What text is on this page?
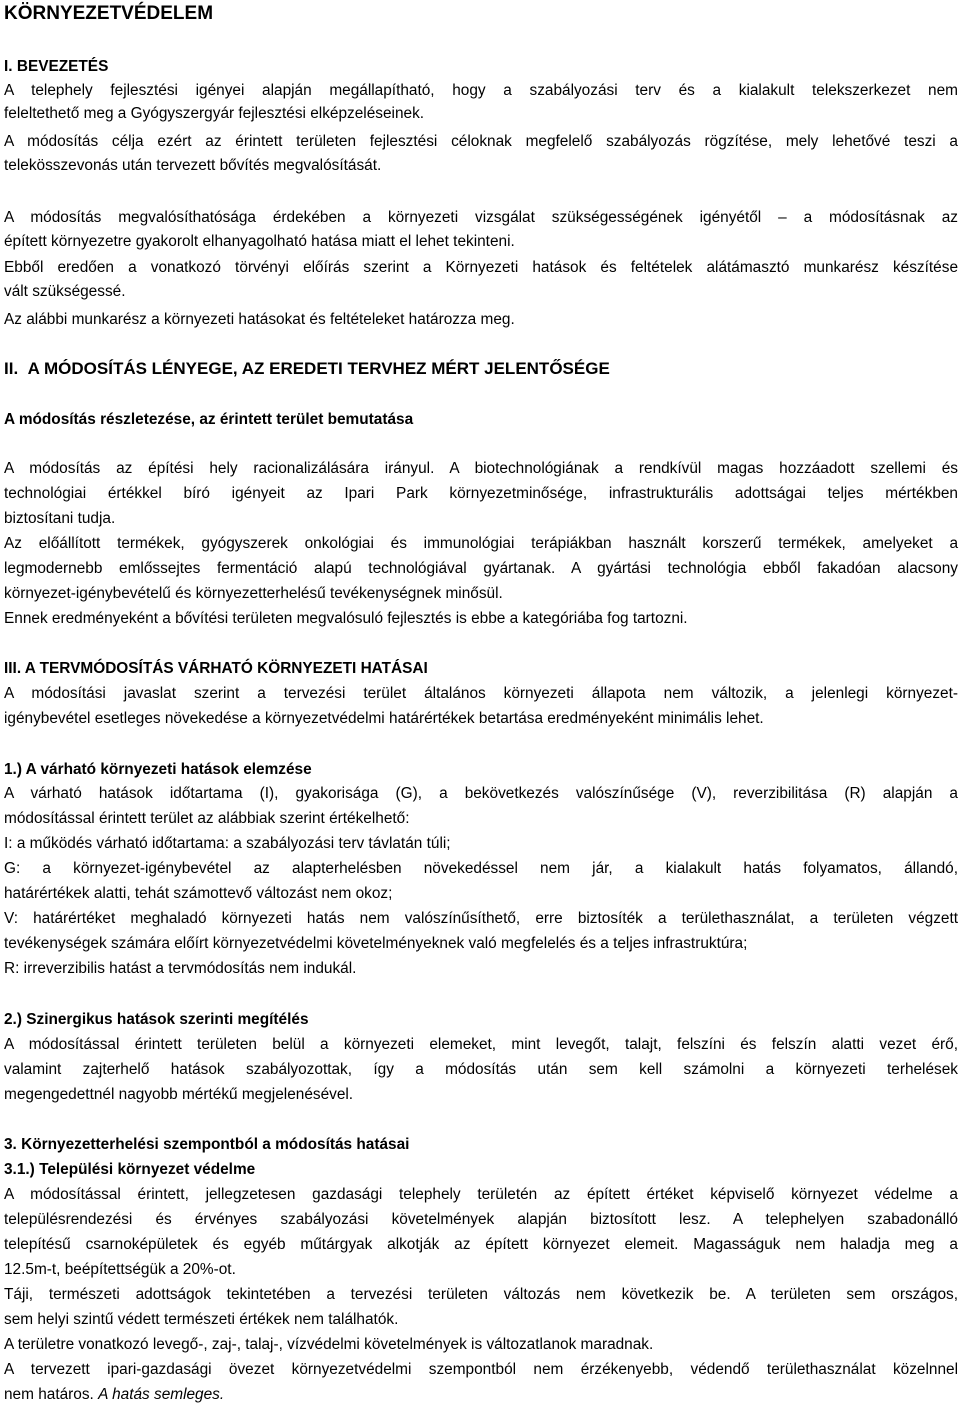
KÖRNYEZETVÉDELEM
I. BEVEZETÉS
A telephely fejlesztési igényei alapján megállapítható, hogy a szabályozási terv és a kialakult telekszerkezet nem
feleltethető meg a Gyógyszergyár fejlesztési elképzeléseinek.
A módosítás célja ezért az érintett területen fejlesztési céloknak megfelelő szabályozás rögzítése, mely lehetővé teszi a
telekösszevonás után tervezett bővítés megvalósítását.
A módosítás megvalósíthatósága érdekében a környezeti vizsgálat szükségességének igényétől – a módosításnak az
épített környezetre gyakorolt elhanyagolható hatása miatt el lehet tekinteni.
Ebből eredően a vonatkozó törvényi előírás szerint a Környezeti hatások és feltételek alátámasztó munkarész készítése
vált szükségessé.
Az alábbi munkarész a környezeti hatásokat és feltételeket határozza meg.
II. A MÓDOSÍTÁS LÉNYEGE, AZ EREDETI TERVHEZ MÉRT JELENTŐSÉGE
A módosítás részletezése, az érintett terület bemutatása
A módosítás az építési hely racionalizálására irányul. A biotechnológiának a rendkívül magas hozzáadott szellemi és
technológiai értékkel bíró igényeit az Ipari Park környezetminősége, infrastrukturális adottságai teljes mértékben
biztosítani tudja.
Az előállított termékek, gyógyszerek onkológiai és immunológiai terápiákban használt korszerű termékek, amelyeket a
legmodernebb emlőssejtes fermentáció alapú technológiával gyártanak. A gyártási technológia ebből fakadóan alacsony
környezet-igénybevételű és környezetterhelésű tevékenységnek minősül.
Ennek eredményeként a bővítési területen megvalósuló fejlesztés is ebbe a kategóriába fog tartozni.
III. A TERVMÓDOSÍTÁS VÁRHATÓ KÖRNYEZETI HATÁSAI
A módosítási javaslat szerint a tervezési terület általános környezeti állapota nem változik, a jelenlegi környezet-
igénybevétel esetleges növekedése a környezetvédelmi határértékek betartása eredményeként minimális lehet.
1.) A várható környezeti hatások elemzése
A várható hatások időtartama (I), gyakorisága (G), a bekövetkezés valószínűsége (V), reverzibilitása (R) alapján a
módosítással érintett terület az alábbiak szerint értékelhető:
I: a működés várható időtartama: a szabályozási terv távlatán túli;
G: a környezet-igénybevétel az alapterhelésben növekedéssel nem jár, a kialakult hatás folyamatos, állandó,
határértékek alatti, tehát számottevő változást nem okoz;
V: határértéket meghaladó környezeti hatás nem valószínűsíthető, erre biztosíték a területhasználat, a területen végzett
tevékenységek számára előírt környezetvédelmi követelményeknek való megfelelés és a teljes infrastruktúra;
R: irreverzibilis hatást a tervmódosítás nem indukál.
2.) Szinergikus hatások szerinti megítélés
A módosítással érintett területen belül a környezeti elemeket, mint levegőt, talajt, felszíni és felszín alatti vezet érő,
valamint zajterhelő hatások szabályozottak, így a módosítás után sem kell számolni a környezeti terhelések
megengedettnél nagyobb mértékű megjelenésével.
3. Környezetterhelési szempontból a módosítás hatásai
3.1.) Települési környezet védelme
A módosítással érintett, jellegzetesen gazdasági telephely területén az épített értéket képviselő környezet védelme a
településrendezési és érvényes szabályozási követelmények alapján biztosított lesz. A telephelyen szabadonálló
telepítésű csarnoképületek és egyéb műtárgyak alkotják az épített környezet elemeit. Magasságuk nem haladja meg a
12.5m-t, beépítettségük a 20%-ot.
Táji, természeti adottságok tekintetében a tervezési területen változás nem következik be. A területen sem országos,
sem helyi szintű védett természeti értékek nem találhatók.
A területre vonatkozó levegő-, zaj-, talaj-, vízvédelmi követelmények is változatlanok maradnak.
A tervezett ipari-gazdasági övezet környezetvédelmi szempontból nem érzékenyebb, védendő területhasználat közelnnel
nem határos. A hatás semleges.
